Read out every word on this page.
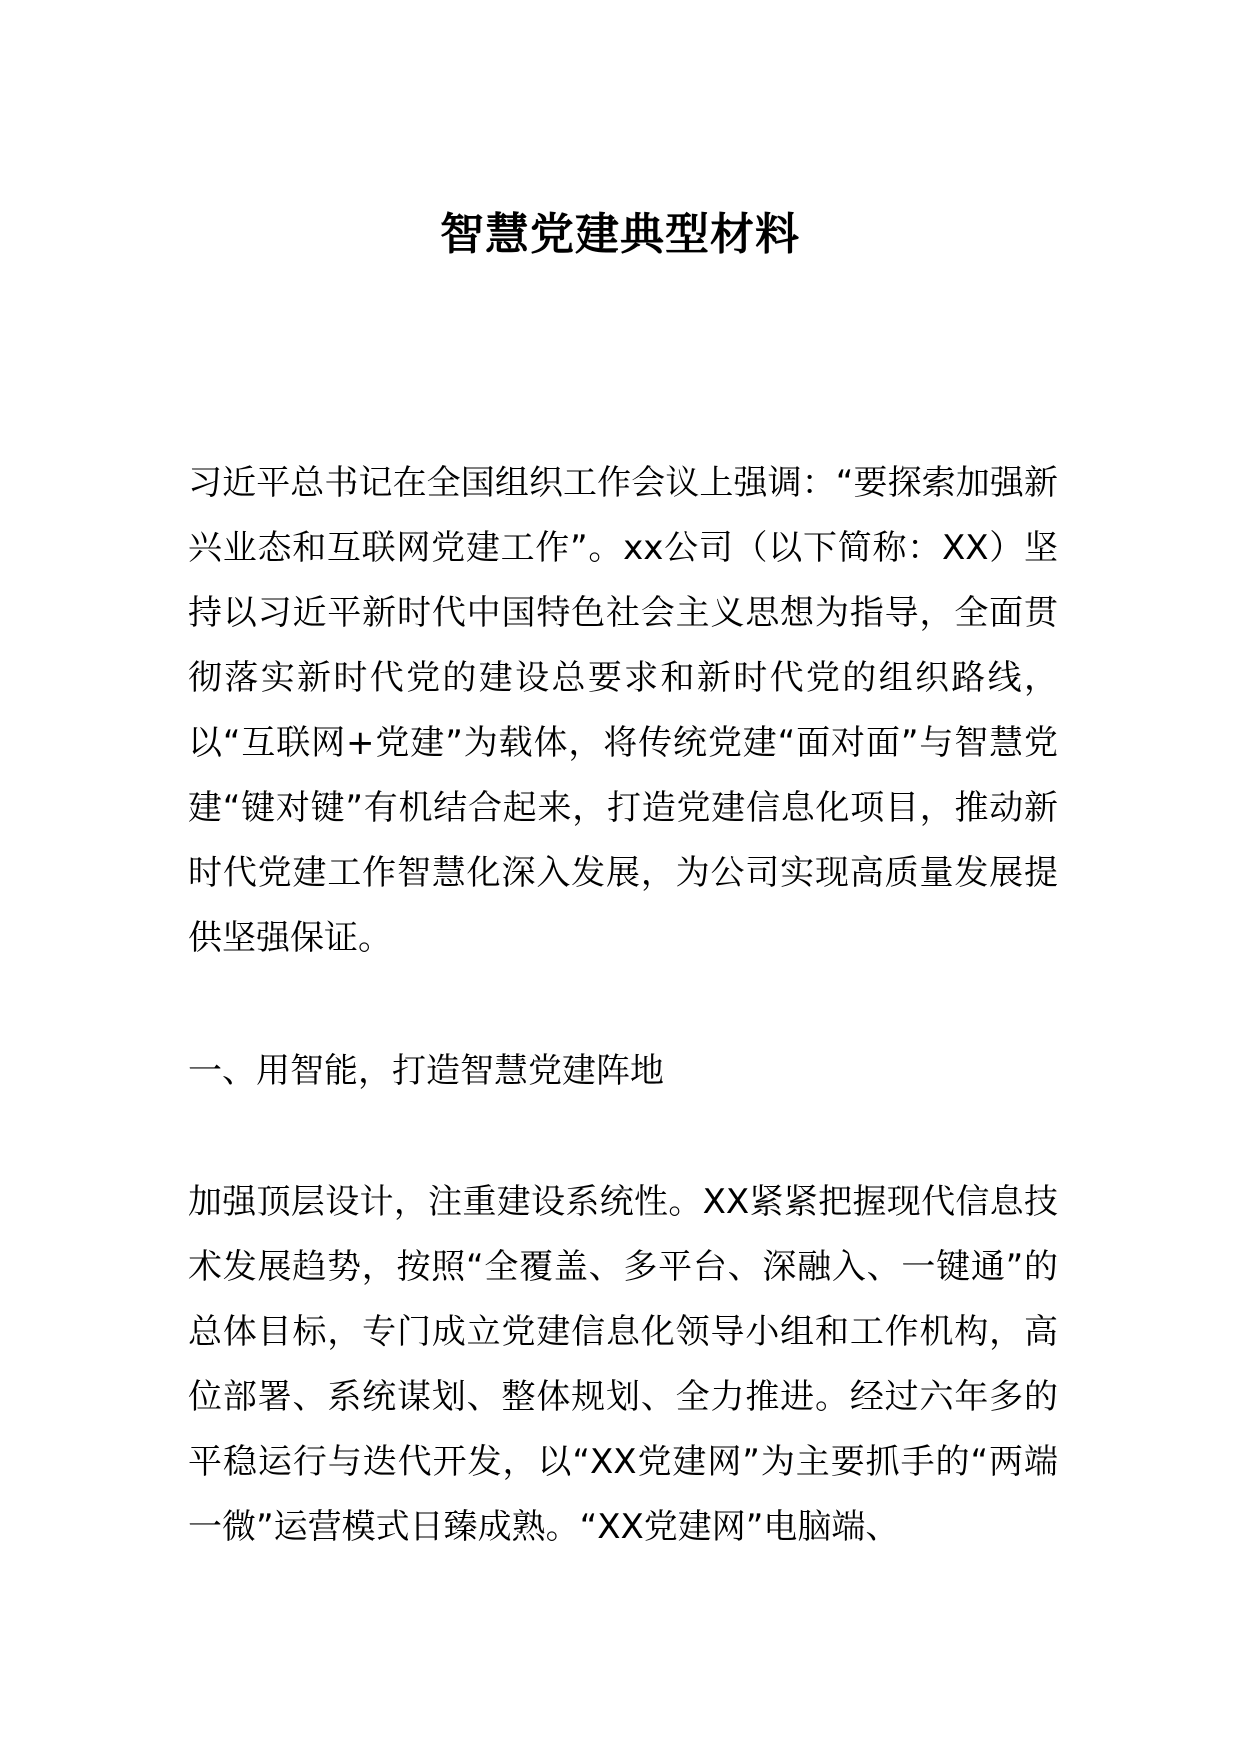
智慧党建典型材料

习近平总书记在全国组织工作会议上强调：“要探索加强新兴业态和互联网党建工作”。xx公司（以下简称：XX）坚持以习近平新时代中国特色社会主义思想为指导，全面贯彻落实新时代党的建设总要求和新时代党的组织路线，以“互联网+党建”为载体，将传统党建“面对面”与智慧党建“键对键”有机结合起来，打造党建信息化项目，推动新时代党建工作智慧化深入发展，为公司实现高质量发展提供坚强保证。

一、用智能，打造智慧党建阵地

加强顶层设计，注重建设系统性。XX紧紧把握现代信息技术发展趋势，按照“全覆盖、多平台、深融入、一键通”的总体目标，专门成立党建信息化领导小组和工作机构，高位部署、系统谋划、整体规划、全力推进。经过六年多的平稳运行与迭代开发，以“XX党建网”为主要抓手的“两端一微”运营模式日臻成熟。“XX党建网”电脑端、
